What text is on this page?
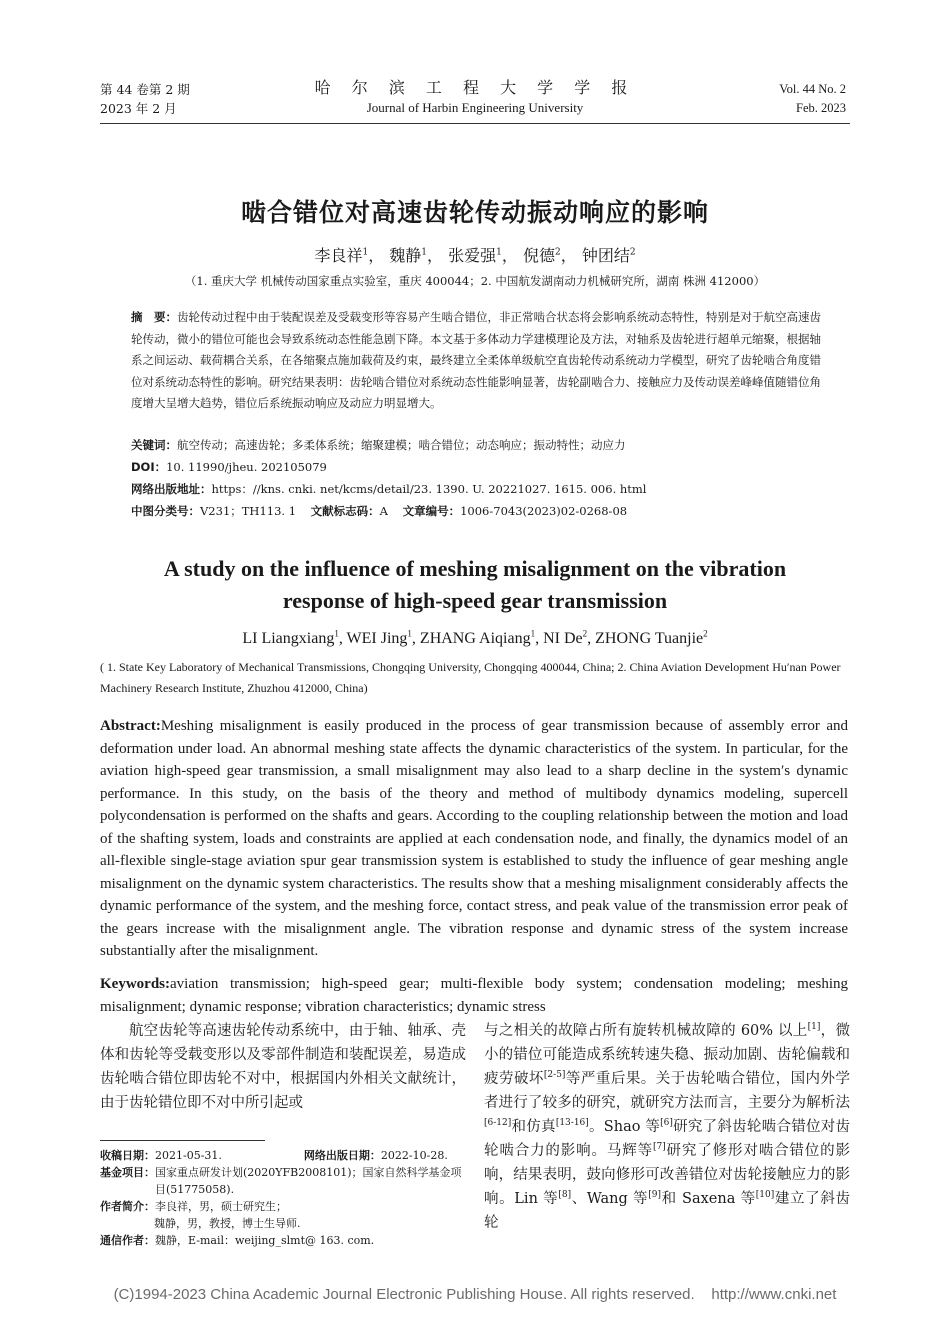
第 44 卷第 2 期
2023 年 2 月
哈 尔 滨 工 程 大 学 学 报
Journal of Harbin Engineering University
Vol. 44 No. 2
Feb. 2023
啮合错位对高速齿轮传动振动响应的影响
李良祥$^1$， 魏静$^1$， 张爱强$^1$， 倪德$^2$， 钟团结$^2$
（1. 重庆大学 机械传动国家重点实验室，重庆 400044；2. 中国航发湖南动力机械研究所，湖南 株洲 412000）
摘　要：齿轮传动过程中由于装配误差及受载变形等容易产生啮合错位，非正常啮合状态将会影响系统动态特性，特别是对于航空高速齿轮传动，微小的错位可能也会导致系统动态性能急剧下降。本文基于多体动力学建模理论及方法，对轴系及齿轮进行超单元缩聚，根据轴系之间运动、载荷耦合关系，在各缩聚点施加载荷及约束，最终建立全柔体单级航空直齿轮传动系统动力学模型，研究了齿轮啮合角度错位对系统动态特性的影响。研究结果表明：齿轮啮合错位对系统动态性能影响显著，齿轮副啮合力、接触应力及传动误差峰峰值随错位角度增大呈增大趋势，错位后系统振动响应及动应力明显增大。
关键词：航空传动；高速齿轮；多柔体系统；缩聚建模；啮合错位；动态响应；振动特性；动应力
DOI：10. 11990/jheu. 202105079
网络出版地址：https：//kns. cnki. net/kcms/detail/23. 1390. U. 20221027. 1615. 006. html
中图分类号：V231；TH113. 1 文献标志码：A 文章编号：1006-7043(2023)02-0268-08
A study on the influence of meshing misalignment on the vibration
response of high-speed gear transmission
LI Liangxiang$^1$, WEI Jing$^1$, ZHANG Aiqiang$^1$, NI De$^2$, ZHONG Tuanjie$^2$
( 1. State Key Laboratory of Mechanical Transmissions, Chongqing University, Chongqing 400044, China; 2. China Aviation Development Hu′nan Power Machinery Research Institute, Zhuzhou 412000, China)
Abstract:Meshing misalignment is easily produced in the process of gear transmission because of assembly error and deformation under load. An abnormal meshing state affects the dynamic characteristics of the system. In particular, for the aviation high-speed gear transmission, a small misalignment may also lead to a sharp decline in the system′s dynamic performance. In this study, on the basis of the theory and method of multibody dynamics modeling, supercell polycondensation is performed on the shafts and gears. According to the coupling relationship between the motion and load of the shafting system, loads and constraints are applied at each condensation node, and finally, the dynamics model of an all-flexible single-stage aviation spur gear transmission system is established to study the influence of gear meshing angle misalignment on the dynamic system characteristics. The results show that a meshing misalignment considerably affects the dynamic performance of the system, and the meshing force, contact stress, and peak value of the transmission error peak of the gears increase with the misalignment angle. The vibration response and dynamic stress of the system increase substantially after the misalignment.
Keywords:aviation transmission; high-speed gear; multi-flexible body system; condensation modeling; meshing misalignment; dynamic response; vibration characteristics; dynamic stress
航空齿轮等高速齿轮传动系统中，由于轴、轴承、壳体和齿轮等受载变形以及零部件制造和装配误差，易造成齿轮啮合错位即齿轮不对中，根据国内外相关文献统计，由于齿轮错位即不对中所引起或
与之相关的故障占所有旋转机械故障的 60% 以上[1]，微小的错位可能造成系统转速失稳、振动加剧、齿轮偏载和疲劳破坏[2-5]等严重后果。关于齿轮啮合错位，国内外学者进行了较多的研究，就研究方法而言，主要分为解析法[6-12]和仿真[13-16]。Shao 等[6]研究了斜齿轮啮合错位对齿轮啮合力的影响。马辉等[7]研究了修形对啮合错位的影响，结果表明，鼓向修形可改善错位对齿轮接触应力的影响。Lin 等[8]、Wang 等[9]和 Saxena 等[10]建立了斜齿轮
收稿日期： 2021-05-31.	网络出版日期： 2022-10-28.
基金项目： 国家重点研发计划(2020YFB2008101)；国家自然科学基金项目(51775058).
作者简介： 李良祥，男，硕士研究生；
魏静，男，教授，博士生导师.
通信作者： 魏静，E-mail：weijing_slmt@ 163. com.
(C)1994-2023 China Academic Journal Electronic Publishing House. All rights reserved.    http://www.cnki.net
